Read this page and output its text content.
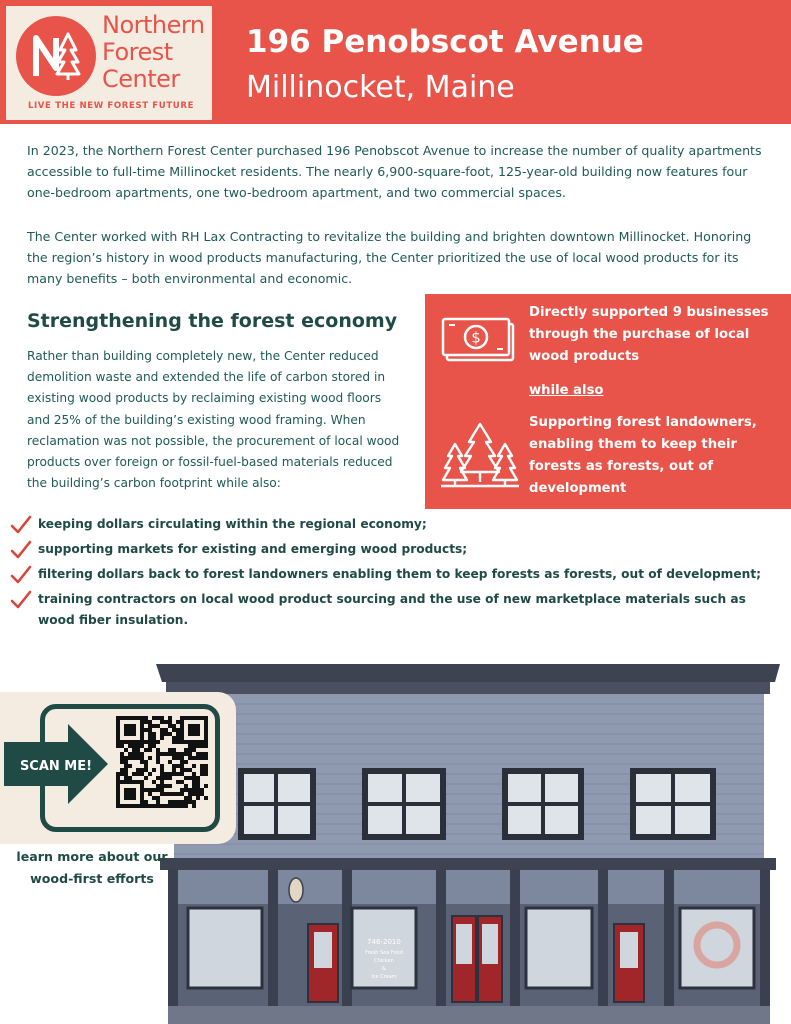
Northern
Forest
Center
LIVE THE NEW FOREST FUTURE
196 Penobscot Avenue
Millinocket, Maine

In 2023, the Northern Forest Center purchased 196 Penobscot Avenue to increase the number of quality apartments accessible to full-time Millinocket residents. The nearly 6,900-square-foot, 125-year-old building now features four one-bedroom apartments, one two-bedroom apartment, and two commercial spaces.

The Center worked with RH Lax Contracting to revitalize the building and brighten downtown Millinocket. Honoring the region’s history in wood products manufacturing, the Center prioritized the use of local wood products for its many benefits – both environmental and economic.

Strengthening the forest economy

Rather than building completely new, the Center reduced demolition waste and extended the life of carbon stored in existing wood products by reclaiming existing wood floors and 25% of the building’s existing wood framing. When reclamation was not possible, the procurement of local wood products over foreign or fossil-fuel-based materials reduced the building’s carbon footprint while also:

$
Directly supported 9 businesses through the purchase of local wood products
while also
Supporting forest landowners, enabling them to keep their forests as forests, out of development
keeping dollars circulating within the regional economy;
supporting markets for existing and emerging wood products;
filtering dollars back to forest landowners enabling them to keep forests as forests, out of development;
training contractors on local wood product sourcing and the use of new marketplace materials such as wood fiber insulation.
746-2010
Fresh Sea Food
Chicken
&
Ice Cream
SCAN ME!
learn more about our wood-first efforts
